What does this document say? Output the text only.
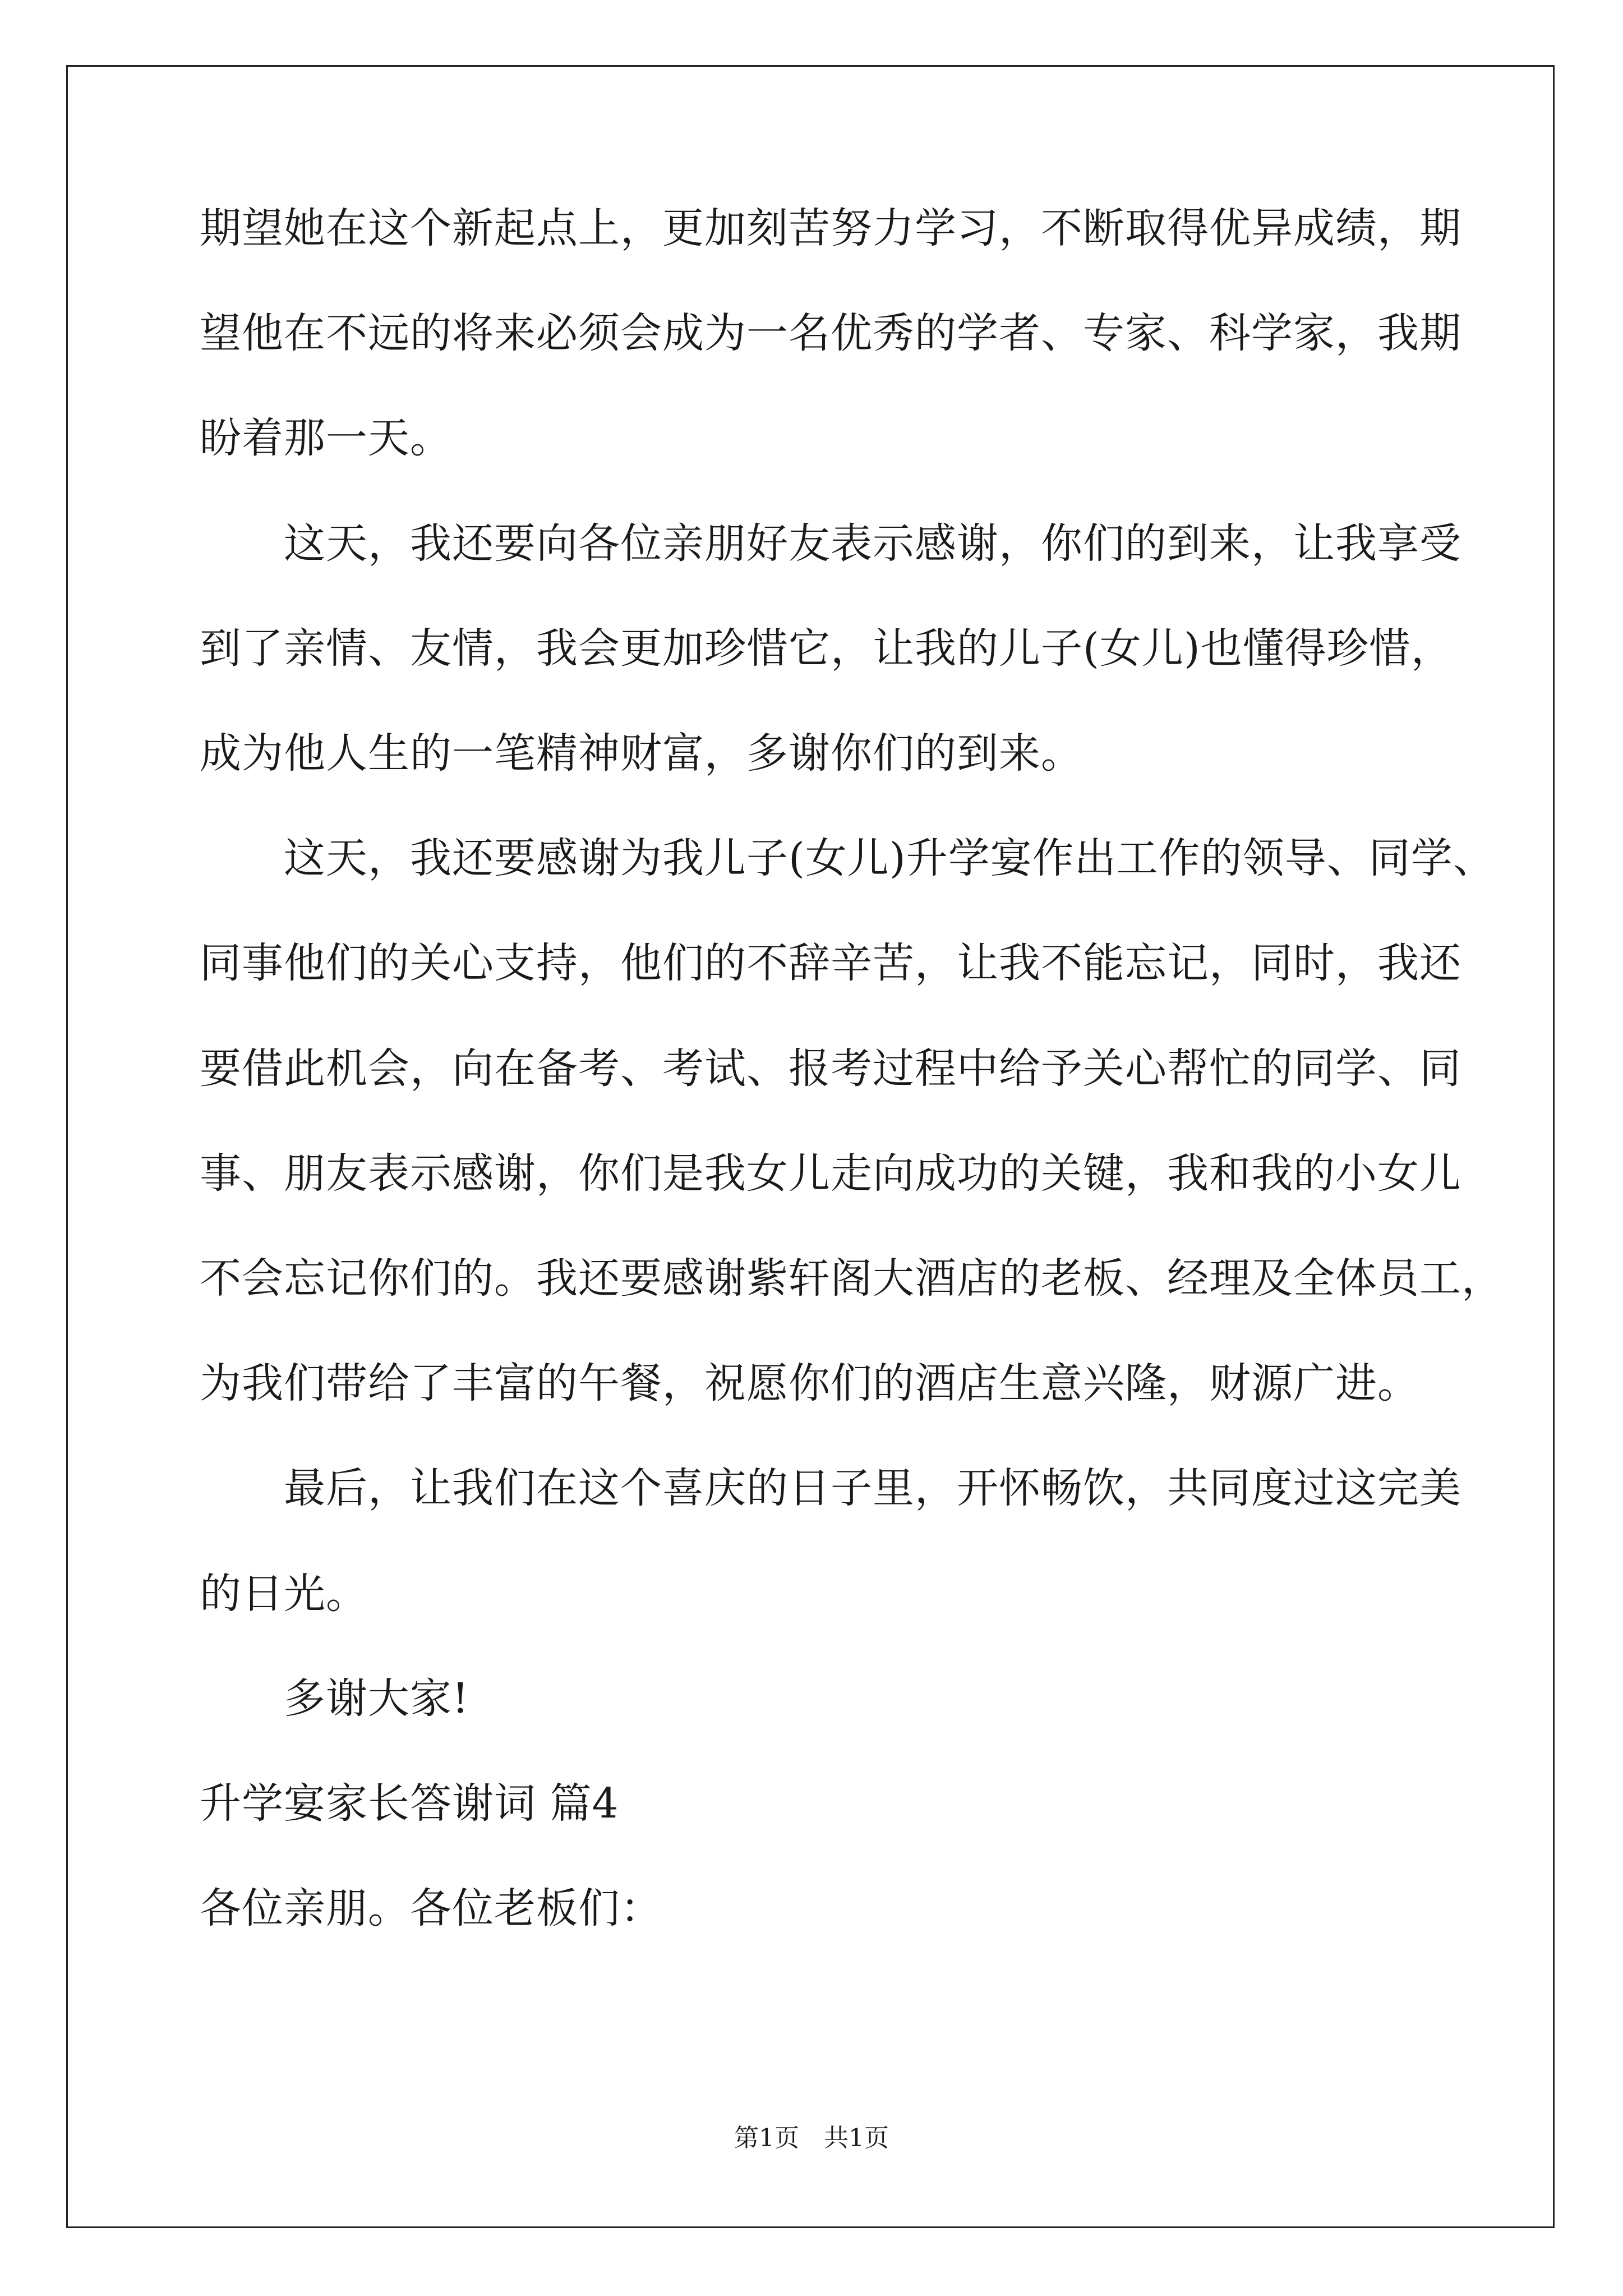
期望她在这个新起点上，更加刻苦努力学习，不断取得优异成绩，期
望他在不远的将来必须会成为一名优秀的学者、专家、科学家，我期
盼着那一天。
　　这天，我还要向各位亲朋好友表示感谢，你们的到来，让我享受
到了亲情、友情，我会更加珍惜它，让我的儿子(女儿)也懂得珍惜，
成为他人生的一笔精神财富，多谢你们的到来。
　　这天，我还要感谢为我儿子(女儿)升学宴作出工作的领导、同学、
同事他们的关心支持，他们的不辞辛苦，让我不能忘记，同时，我还
要借此机会，向在备考、考试、报考过程中给予关心帮忙的同学、同
事、朋友表示感谢，你们是我女儿走向成功的关键，我和我的小女儿
不会忘记你们的。我还要感谢紫轩阁大酒店的老板、经理及全体员工，
为我们带给了丰富的午餐，祝愿你们的酒店生意兴隆，财源广进。
　　最后，让我们在这个喜庆的日子里，开怀畅饮，共同度过这完美
的日光。
　　多谢大家!
升学宴家长答谢词 篇4
各位亲朋。各位老板们：
第1页　共1页
